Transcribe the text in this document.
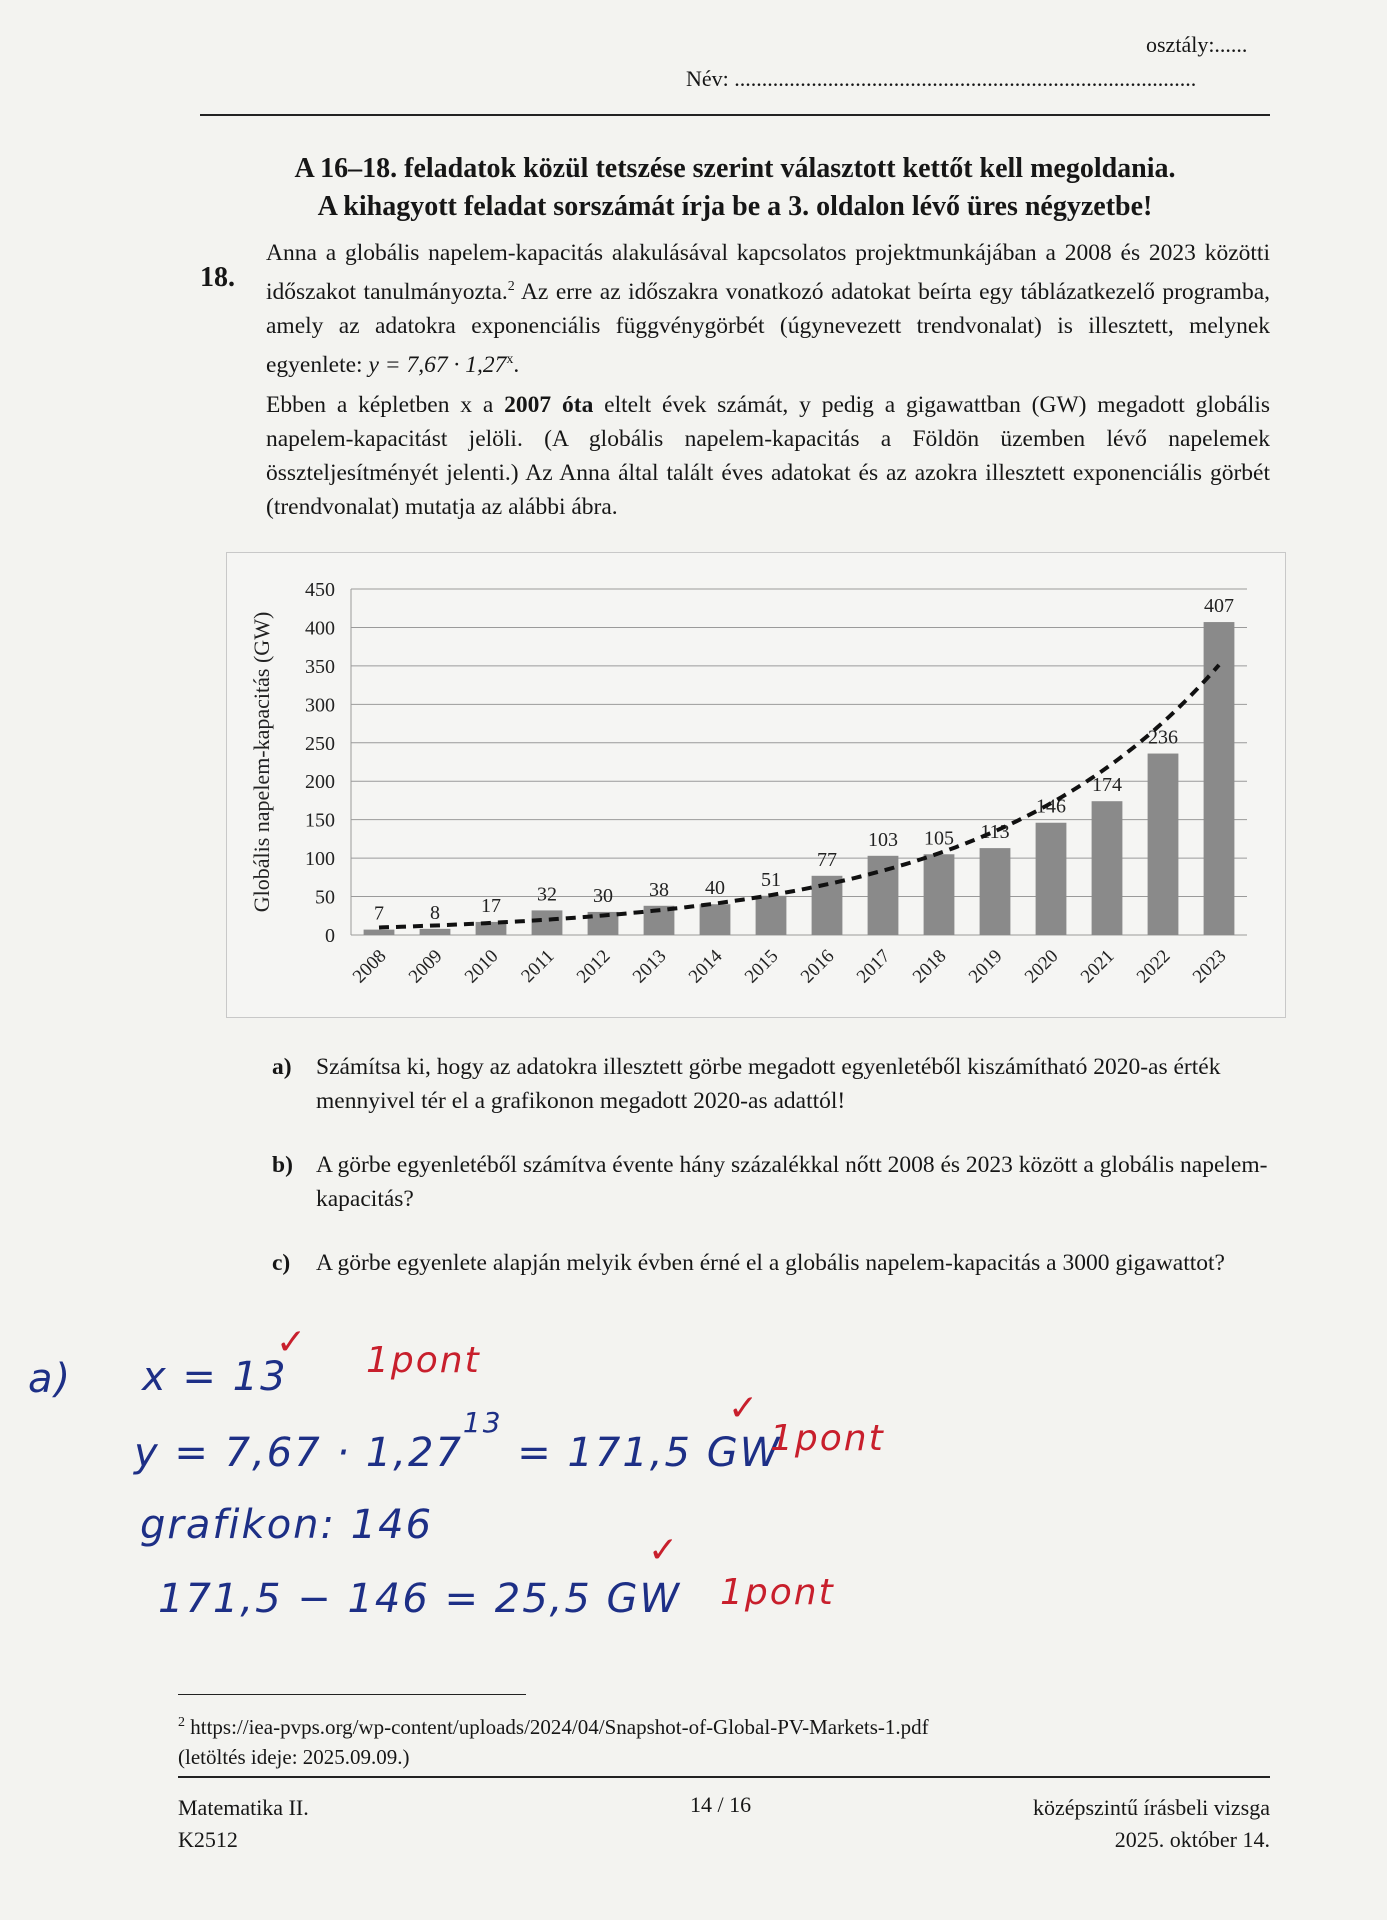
osztály:......
Név: ....................................................................................
A 16–18. feladatok közül tetszése szerint választott kettőt kell megoldania.
A kihagyott feladat sorszámát írja be a 3. oldalon lévő üres négyzetbe!
18.

Anna a globális napelem-kapacitás alakulásával kapcsolatos projektmunkájában a 2008 és 2023 közötti időszakot tanulmányozta.$^2$ Az erre az időszakra vonatkozó adatokat beírta egy táblázatkezelő programba, amely az adatokra exponenciális függvénygörbét (úgynevezett trendvonalat) is illesztett, melynek egyenlete: $y = 7,67 \cdot 1,27^x$.

Ebben a képletben x a 2007 óta eltelt évek számát, y pedig a gigawattban (GW) megadott globális napelem-kapacitást jelöli. (A globális napelem-kapacitás a Földön üzemben lévő napelemek összteljesítményét jelenti.) Az Anna által talált éves adatokat és az azokra illesztett exponenciális görbét (trendvonalat) mutatja az alábbi ábra.

0
50
100
150
200
250
300
350
400
450
Globális napelem-kapacitás (GW)
7
2008
8
2009
17
2010
32
2011
30
2012
38
2013
40
2014
51
2015
77
2016
103
2017
105
2018
113
2019
146
2020
174
2021
236
2022
407
2023
a) Számítsa ki, hogy az adatokra illesztett görbe megadott egyenletéből kiszámítható 2020-as érték mennyivel tér el a grafikonon megadott 2020-as adattól!
b) A görbe egyenletéből számítva évente hány százalékkal nőtt 2008 és 2023 között a globális napelem-kapacitás?
c) A görbe egyenlete alapján melyik évben érné el a globális napelem-kapacitás a 3000 gigawattot?
a) x = 13
✓ 1pont
$y = 7,67 \cdot 1,27^{13} = 171,5$ GW
✓
1pont
grafikon: 146
171,5 − 146 = 25,5 GW
✓
1pont
$^2$ https://iea-pvps.org/wp-content/uploads/2024/04/Snapshot-of-Global-PV-Markets-1.pdf
(letöltés ideje: 2025.09.09.)
Matematika II.
K2512
14 / 16	középszintű írásbeli vizsga
2025. október 14.
